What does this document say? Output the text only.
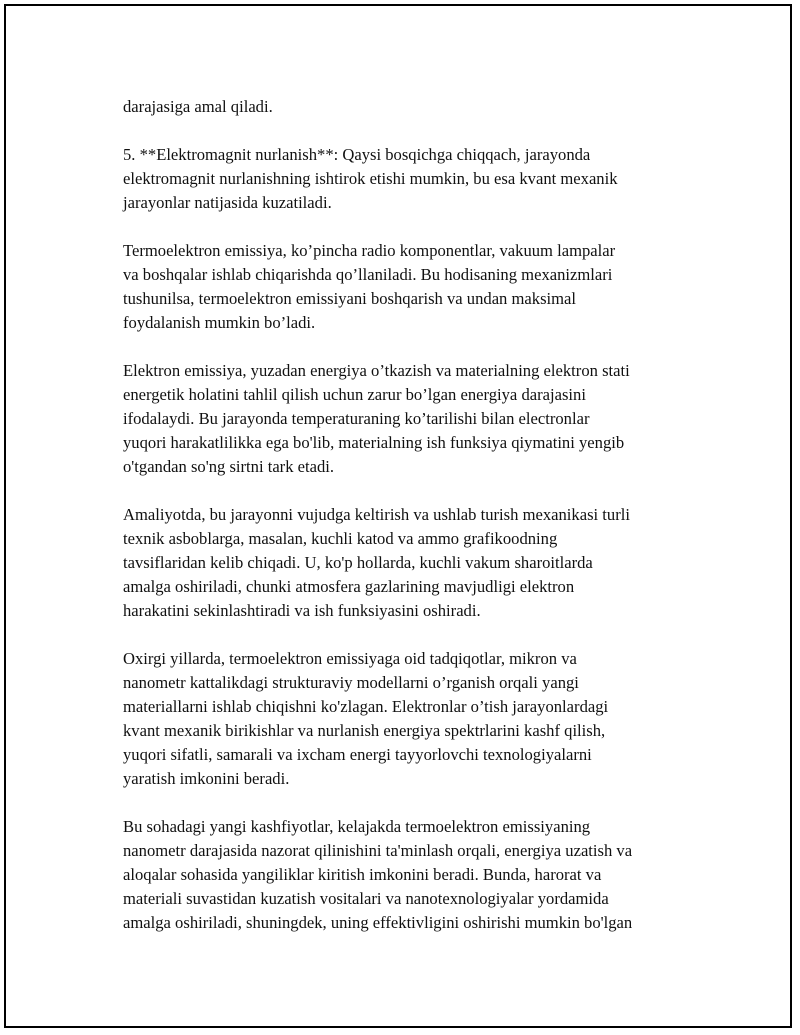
darajasiga amal qiladi.

5. **Elektromagnit nurlanish**: Qaysi bosqichga chiqqach, jarayonda
elektromagnit nurlanishning ishtirok etishi mumkin, bu esa kvant mexanik
jarayonlar natijasida kuzatiladi.

Termoelektron emissiya, ko’pincha radio komponentlar, vakuum lampalar
va boshqalar ishlab chiqarishda qo’llaniladi. Bu hodisaning mexanizmlari
tushunilsa, termoelektron emissiyani boshqarish va undan maksimal
foydalanish mumkin bo’ladi.

Elektron emissiya, yuzadan energiya o’tkazish va materialning elektron stati
energetik holatini tahlil qilish uchun zarur bo’lgan energiya darajasini
ifodalaydi. Bu jarayonda temperaturaning ko’tarilishi bilan electronlar
yuqori harakatlilikka ega bo'lib, materialning ish funksiya qiymatini yengib
o'tgandan so'ng sirtni tark etadi.

Amaliyotda, bu jarayonni vujudga keltirish va ushlab turish mexanikasi turli
texnik asboblarga, masalan, kuchli katod va ammo grafikoodning
tavsiflaridan kelib chiqadi. U, ko'p hollarda, kuchli vakum sharoitlarda
amalga oshiriladi, chunki atmosfera gazlarining mavjudligi elektron
harakatini sekinlashtiradi va ish funksiyasini oshiradi.

Oxirgi yillarda, termoelektron emissiyaga oid tadqiqotlar, mikron va
nanometr kattalikdagi strukturaviy modellarni o’rganish orqali yangi
materiallarni ishlab chiqishni ko'zlagan. Elektronlar o’tish jarayonlardagi
kvant mexanik birikishlar va nurlanish energiya spektrlarini kashf qilish,
yuqori sifatli, samarali va ixcham energi tayyorlovchi texnologiyalarni
yaratish imkonini beradi.

Bu sohadagi yangi kashfiyotlar, kelajakda termoelektron emissiyaning
nanometr darajasida nazorat qilinishini ta'minlash orqali, energiya uzatish va
aloqalar sohasida yangiliklar kiritish imkonini beradi. Bunda, harorat va
materiali suvastidan kuzatish vositalari va nanotexnologiyalar yordamida
amalga oshiriladi, shuningdek, uning effektivligini oshirishi mumkin bo'lgan
